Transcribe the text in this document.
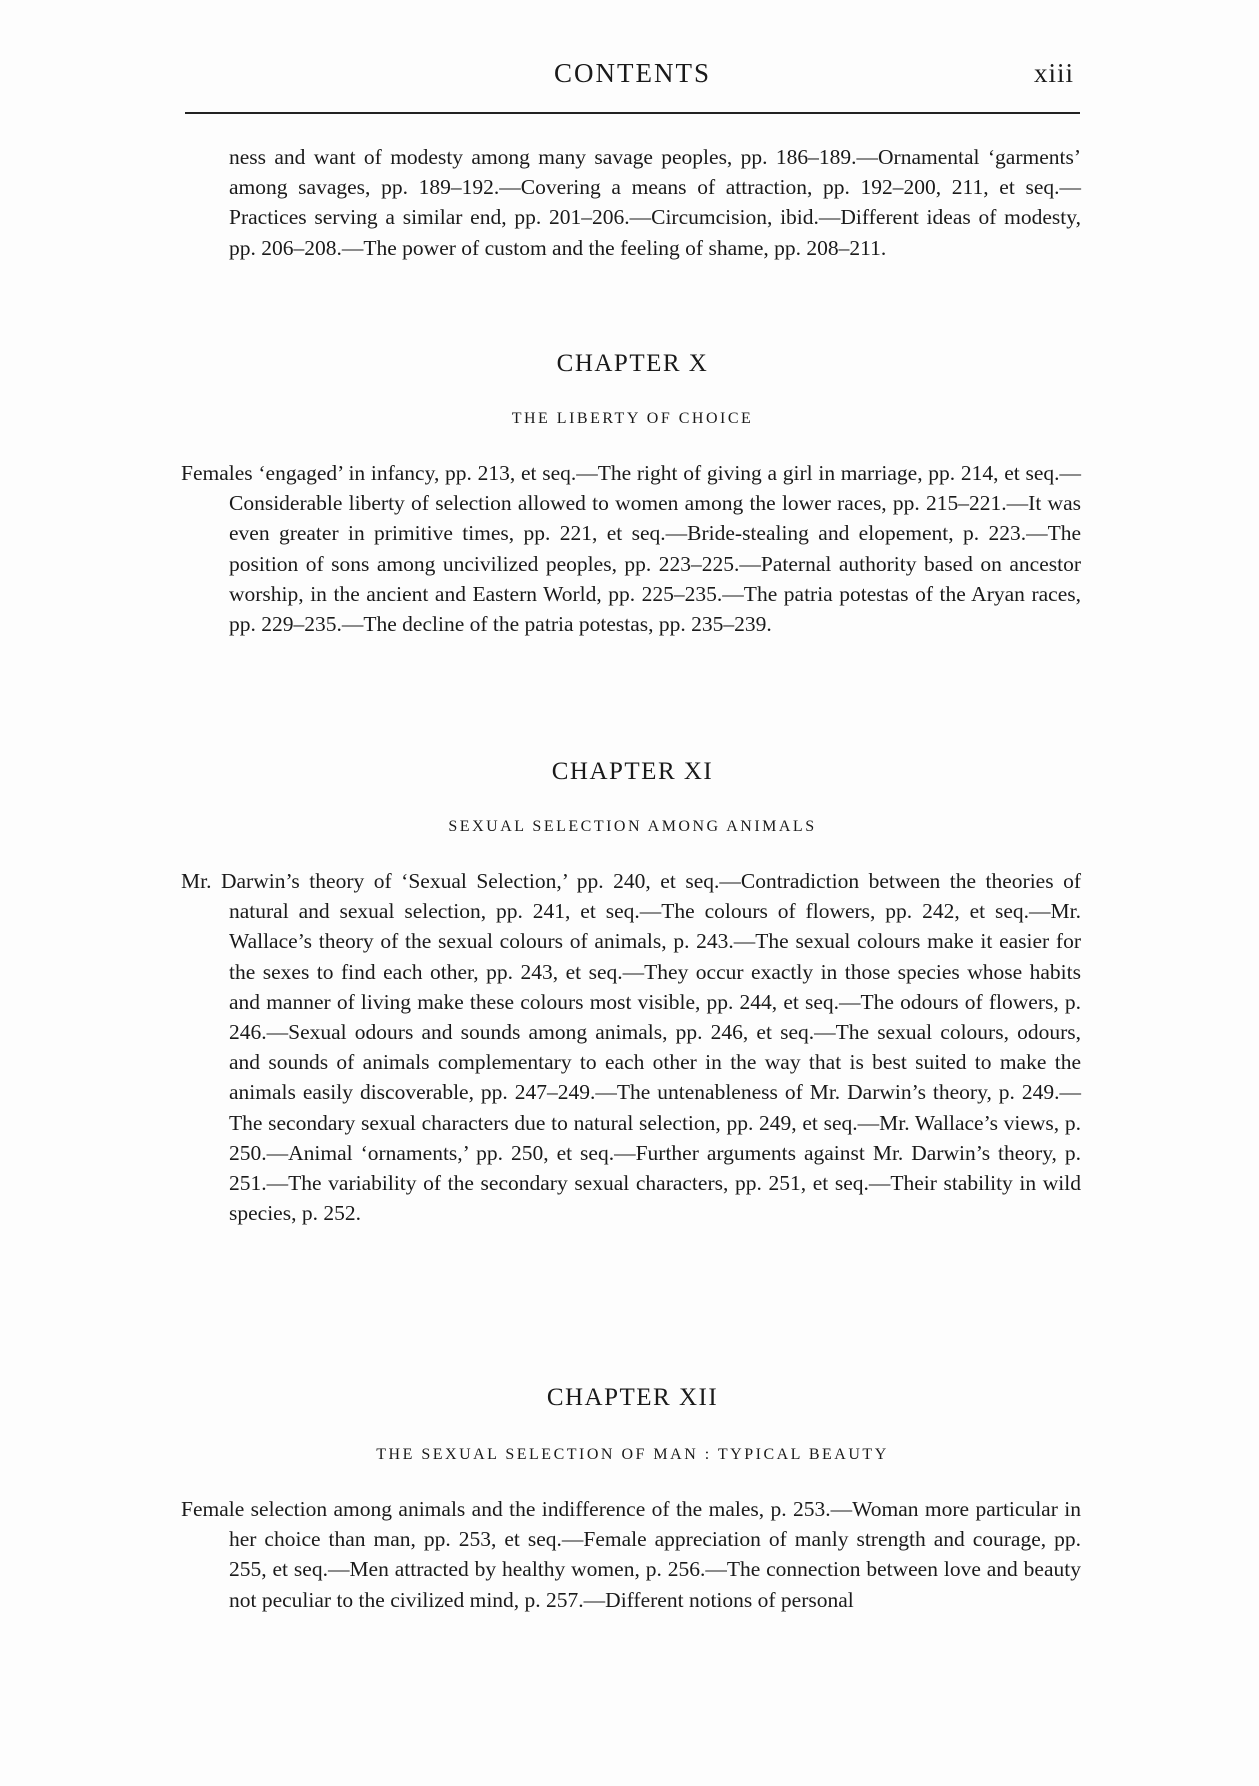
CONTENTS	xiii

ness and want of modesty among many savage peoples, pp. 186–189.—Ornamental ‘garments’ among savages, pp. 189–192.—Covering a means of attraction, pp. 192–200, 211, et seq.—Practices serving a similar end, pp. 201–206.—Circumcision, ibid.—Different ideas of modesty, pp. 206–208.—The power of custom and the feeling of shame, pp. 208–211.

CHAPTER X
THE LIBERTY OF CHOICE

Females ‘engaged’ in infancy, pp. 213, et seq.—The right of giving a girl in marriage, pp. 214, et seq.—Considerable liberty of selection allowed to women among the lower races, pp. 215–221.—It was even greater in primitive times, pp. 221, et seq.—Bride-stealing and elopement, p. 223.—The position of sons among uncivilized peoples, pp. 223–225.—Paternal authority based on ancestor worship, in the ancient and Eastern World, pp. 225–235.—The patria potestas of the Aryan races, pp. 229–235.—The decline of the patria potestas, pp. 235–239.

CHAPTER XI
SEXUAL SELECTION AMONG ANIMALS

Mr. Darwin’s theory of ‘Sexual Selection,’ pp. 240, et seq.—Contradiction between the theories of natural and sexual selection, pp. 241, et seq.—The colours of flowers, pp. 242, et seq.—Mr. Wallace’s theory of the sexual colours of animals, p. 243.—The sexual colours make it easier for the sexes to find each other, pp. 243, et seq.—They occur exactly in those species whose habits and manner of living make these colours most visible, pp. 244, et seq.—The odours of flowers, p. 246.—Sexual odours and sounds among animals, pp. 246, et seq.—The sexual colours, odours, and sounds of animals complementary to each other in the way that is best suited to make the animals easily discoverable, pp. 247–249.—The untenableness of Mr. Darwin’s theory, p. 249.—The secondary sexual characters due to natural selection, pp. 249, et seq.—Mr. Wallace’s views, p. 250.—Animal ‘ornaments,’ pp. 250, et seq.—Further arguments against Mr. Darwin’s theory, p. 251.—The variability of the secondary sexual characters, pp. 251, et seq.—Their stability in wild species, p. 252.

CHAPTER XII
THE SEXUAL SELECTION OF MAN : TYPICAL BEAUTY

Female selection among animals and the indifference of the males, p. 253.—Woman more particular in her choice than man, pp. 253, et seq.—Female appreciation of manly strength and courage, pp. 255, et seq.—Men attracted by healthy women, p. 256.—The connection between love and beauty not peculiar to the civilized mind, p. 257.—Different notions of personal
